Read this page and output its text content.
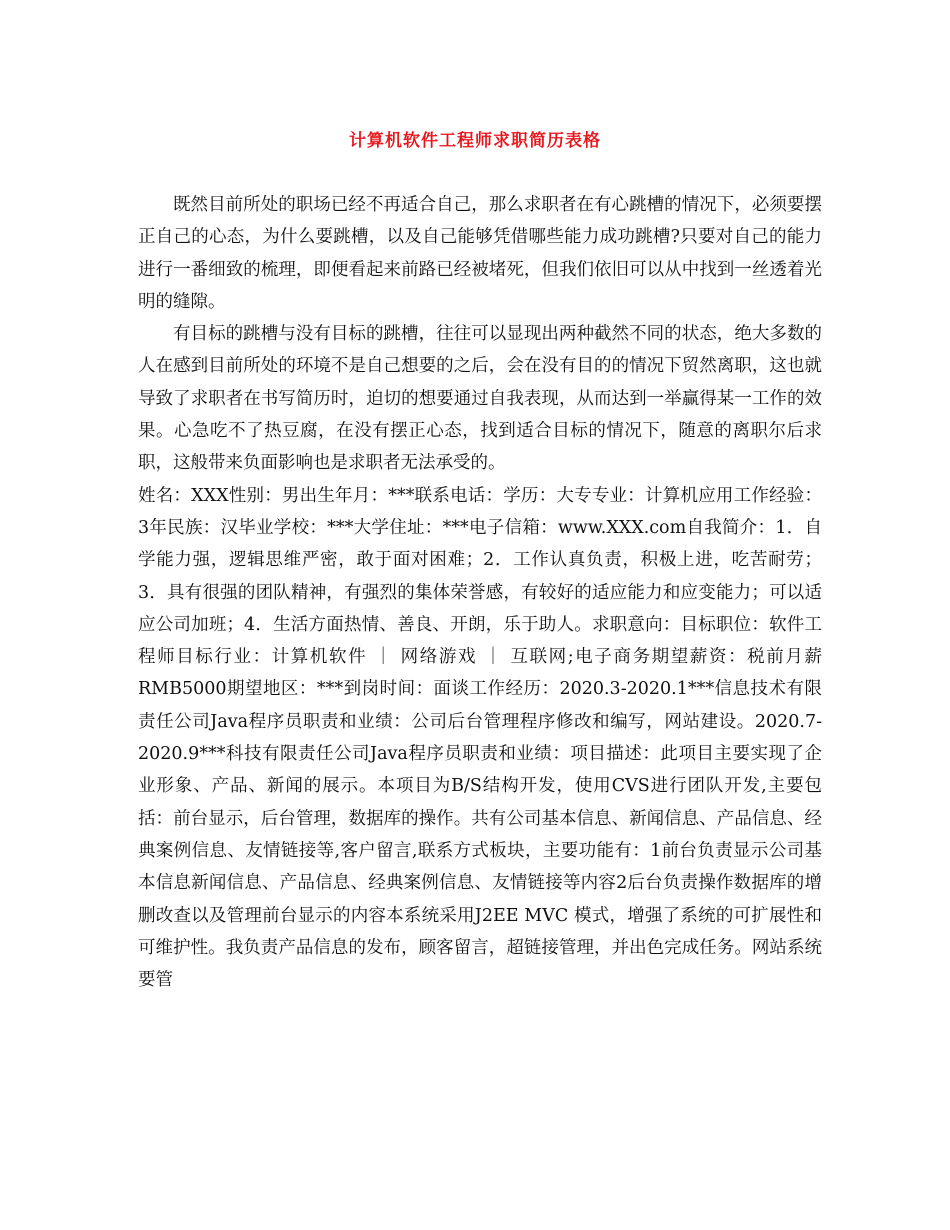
计算机软件工程师求职简历表格

既然目前所处的职场已经不再适合自己，那么求职者在有心跳槽的情况下，必须要摆正自己的心态，为什么要跳槽，以及自己能够凭借哪些能力成功跳槽?只要对自己的能力进行一番细致的梳理，即便看起来前路已经被堵死，但我们依旧可以从中找到一丝透着光明的缝隙。

有目标的跳槽与没有目标的跳槽，往往可以显现出两种截然不同的状态，绝大多数的人在感到目前所处的环境不是自己想要的之后，会在没有目的的情况下贸然离职，这也就导致了求职者在书写简历时，迫切的想要通过自我表现，从而达到一举赢得某一工作的效果。心急吃不了热豆腐，在没有摆正心态，找到适合目标的情况下，随意的离职尔后求职，这般带来负面影响也是求职者无法承受的。

姓名：XXX性别：男出生年月：***联系电话：学历：大专专业：计算机应用工作经验：3年民族：汉毕业学校：***大学住址：***电子信箱：www.XXX.com自我简介：1．自学能力强，逻辑思维严密，敢于面对困难；2．工作认真负责，积极上进，吃苦耐劳；3．具有很强的团队精神，有强烈的集体荣誉感，有较好的适应能力和应变能力；可以适应公司加班；4．生活方面热情、善良、开朗，乐于助人。求职意向：目标职位：软件工程师目标行业：计算机软件 ｜ 网络游戏 ｜ 互联网;电子商务期望薪资：税前月薪RMB5000期望地区：***到岗时间：面谈工作经历：2020.3-2020.1***信息技术有限责任公司Java程序员职责和业绩：公司后台管理程序修改和编写，网站建设。2020.7-2020.9***科技有限责任公司Java程序员职责和业绩：项目描述：此项目主要实现了企业形象、产品、新闻的展示。本项目为B/S结构开发，使用CVS进行团队开发,主要包括：前台显示，后台管理，数据库的操作。共有公司基本信息、新闻信息、产品信息、经典案例信息、友情链接等,客户留言,联系方式板块，主要功能有：1前台负责显示公司基本信息新闻信息、产品信息、经典案例信息、友情链接等内容2后台负责操作数据库的增删改查以及管理前台显示的内容本系统采用J2EE MVC 模式，增强了系统的可扩展性和可维护性。我负责产品信息的发布，顾客留言，超链接管理，并出色完成任务。网站系统要管
